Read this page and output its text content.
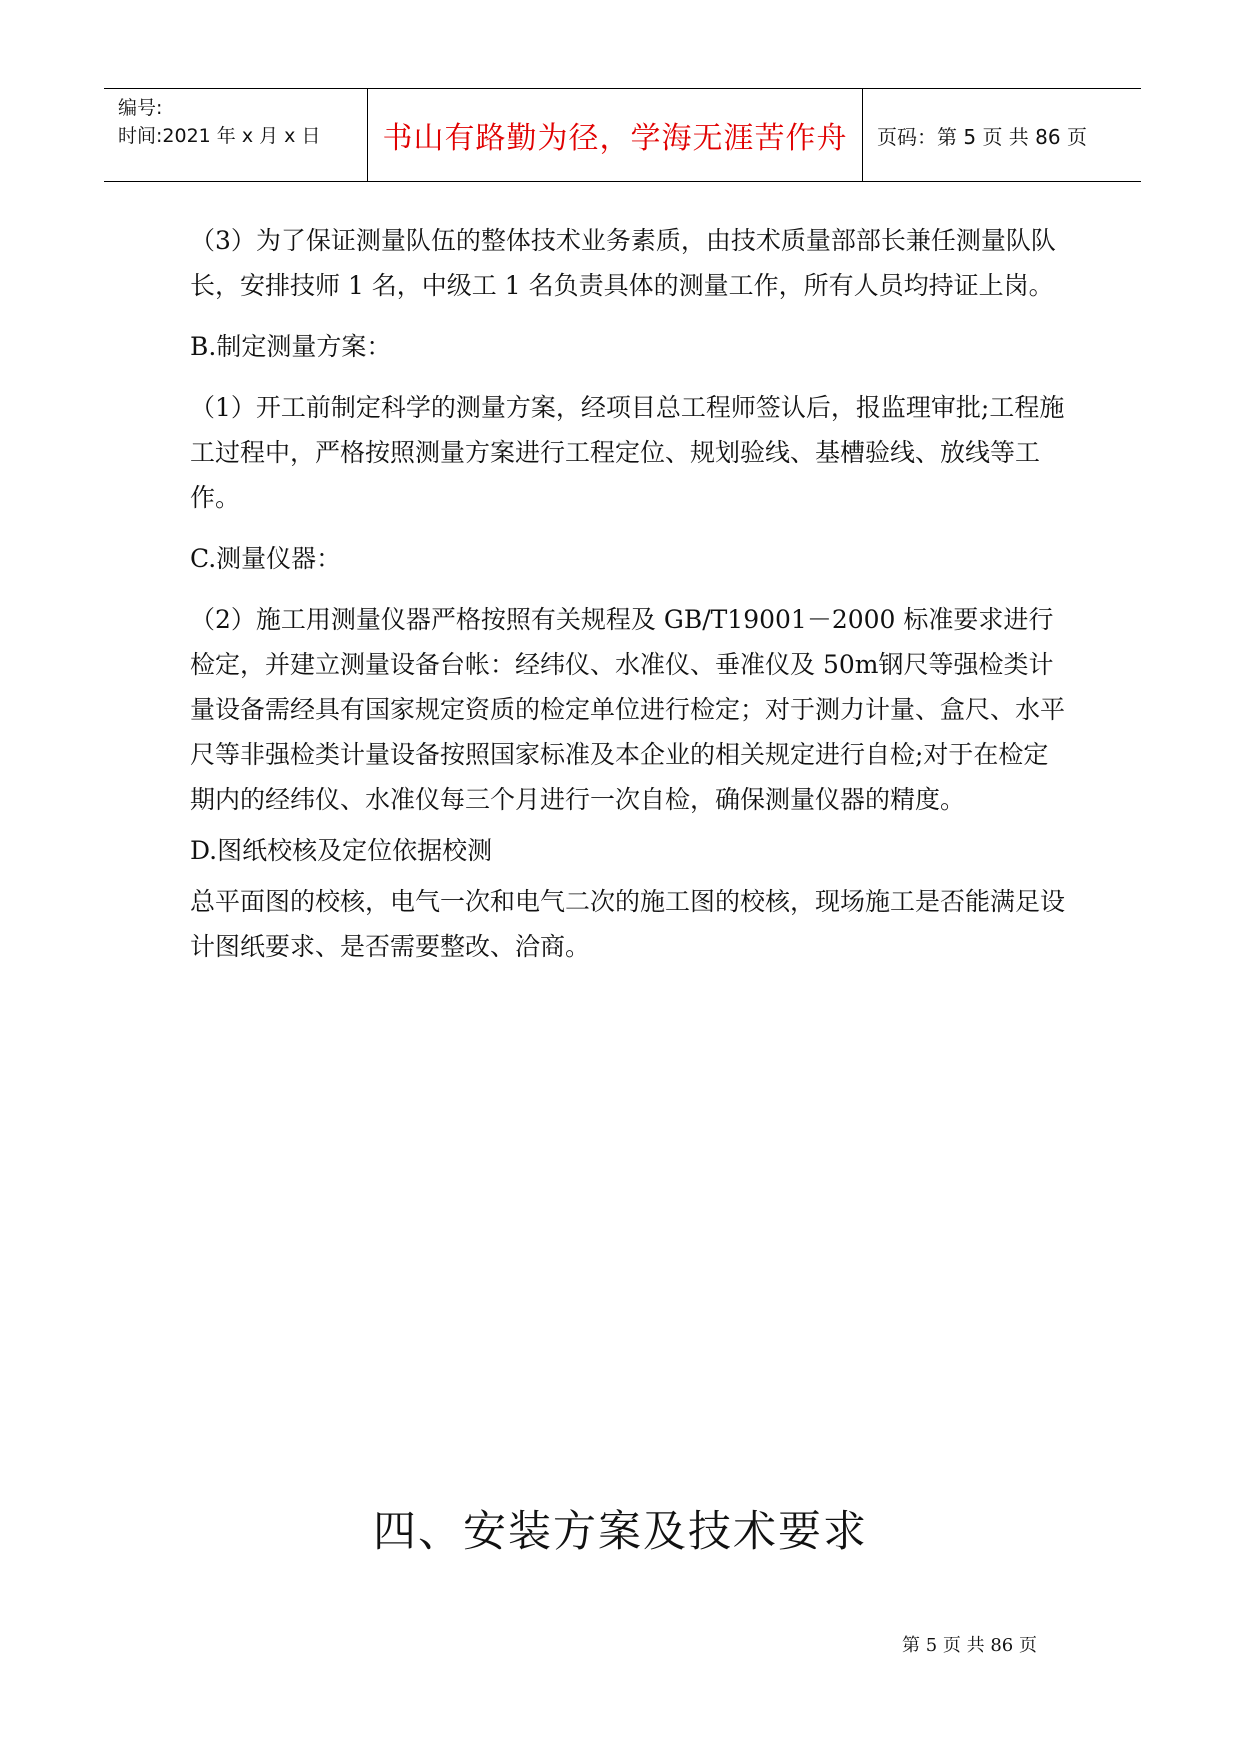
编号:
时间:2021 年 x 月 x 日	书山有路勤为径，学海无涯苦作舟	页码：第 5 页 共 86 页

（3）为了保证测量队伍的整体技术业务素质，由技术质量部部长兼任测量队队长，安排技师 1 名，中级工 1 名负责具体的测量工作，所有人员均持证上岗。

B.制定测量方案：

（1）开工前制定科学的测量方案，经项目总工程师签认后，报监理审批;工程施工过程中，严格按照测量方案进行工程定位、规划验线、基槽验线、放线等工作。

C.测量仪器：

（2）施工用测量仪器严格按照有关规程及 GB/T19001－2000 标准要求进行检定，并建立测量设备台帐：经纬仪、水准仪、垂准仪及 50m钢尺等强检类计量设备需经具有国家规定资质的检定单位进行检定；对于测力计量、盒尺、水平尺等非强检类计量设备按照国家标准及本企业的相关规定进行自检;对于在检定期内的经纬仪、水准仪每三个月进行一次自检，确保测量仪器的精度。

D.图纸校核及定位依据校测

总平面图的校核，电气一次和电气二次的施工图的校核，现场施工是否能满足设计图纸要求、是否需要整改、洽商。

四、安装方案及技术要求
第 5 页 共 86 页
